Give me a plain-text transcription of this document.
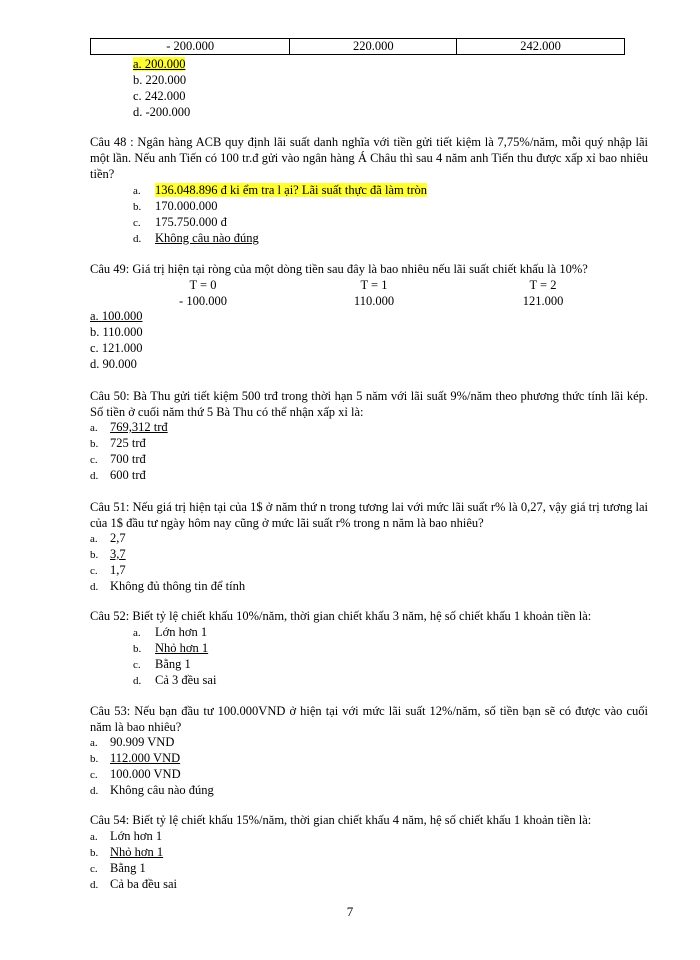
- 200.000	220.000	242.000
a. 200.000
b. 220.000
c. 242.000
d. -200.000
Câu 48 : Ngân hàng ACB quy định lãi suất danh nghĩa với tiền gửi tiết kiệm là 7,75%/năm, mỗi quý nhập lãi một lần. Nếu anh Tiến có 100 tr.đ gửi vào ngân hàng Á Châu thì sau 4 năm anh Tiến thu được xấp xỉ bao nhiêu tiền?
a. 136.048.896 đ ki ểm tra l ại? Lãi suất thực đã làm tròn
b. 170.000.000
c. 175.750.000 đ
d. Không câu nào đúng
Câu 49: Giá trị hiện tại ròng của một dòng tiền sau đây là bao nhiêu nếu lãi suất chiết khấu là 10%?
T = 0	T = 1	T = 2
- 100.000	110.000	121.000
a. 100.000
b. 110.000
c. 121.000
d. 90.000
Câu 50: Bà Thu gửi tiết kiệm 500 trđ trong thời hạn 5 năm với lãi suất 9%/năm theo phương thức tính lãi kép. Số tiền ở cuối năm thứ 5 Bà Thu có thể nhận xấp xỉ là:
a. 769,312 trđ
b. 725 trđ
c. 700 trđ
d. 600 trđ
Câu 51: Nếu giá trị hiện tại của 1$ ở năm thứ n trong tương lai với mức lãi suất r% là 0,27, vậy giá trị tương lai của 1$ đầu tư ngày hôm nay cũng ở mức lãi suất r% trong n năm là bao nhiêu?
a. 2,7
b. 3,7
c. 1,7
d. Không đủ thông tin để tính
Câu 52: Biết tỷ lệ chiết khấu 10%/năm, thời gian chiết khấu 3 năm, hệ số chiết khấu 1 khoản tiền là:
a. Lớn hơn 1
b. Nhỏ hơn 1
c. Bằng 1
d. Cả 3 đều sai
Câu 53: Nếu bạn đầu tư 100.000VND ở hiện tại với mức lãi suất 12%/năm, số tiền bạn sẽ có được vào cuối năm là bao nhiêu?
a. 90.909 VND
b. 112.000 VND
c. 100.000 VND
d. Không câu nào đúng
Câu 54: Biết tỷ lệ chiết khấu 15%/năm, thời gian chiết khấu 4 năm, hệ số chiết khấu 1 khoản tiền là:
a. Lớn hơn 1
b. Nhỏ hơn 1
c. Bằng 1
d. Cả ba đều sai
7
